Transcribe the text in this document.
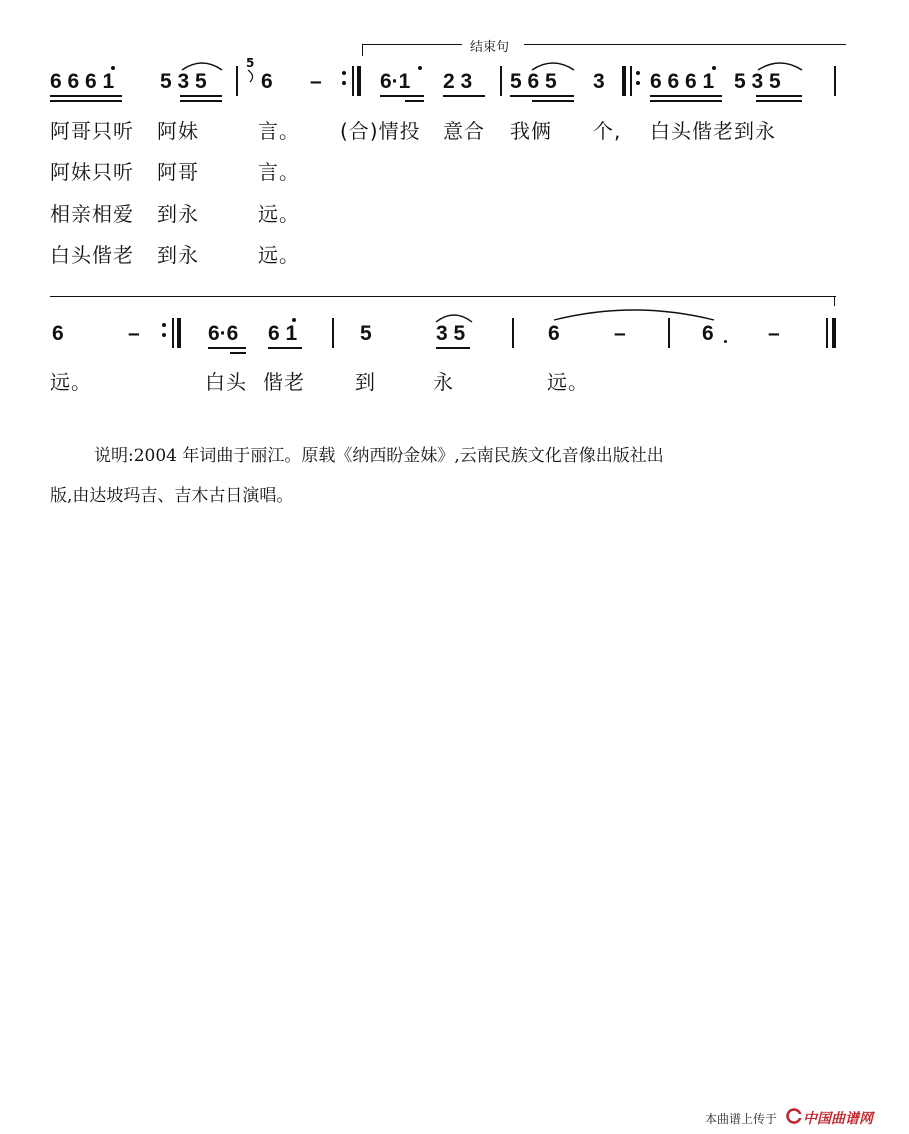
结束句
6 6 6 1 5 3 5
5
6 –	6·1 2 3 5 6 5 3 6 6 6 1 5 3 5
阿哥只听 阿妹	言。 (合)情投 意合 我俩 个, 白头偕老到永
阿妹只听 阿哥	言。
相亲相爱 到永	远。
白头偕老 到永	远。
6	–	6·6 6 1	5	3 5	6	–	6	–
远。	白头 偕老	到	永	远。
说明:2004 年词曲于丽江。原载《纳西盼金妹》,云南民族文化音像出版社出
版,由达坡玛吉、吉木古日演唱。
本曲谱上传于 中国曲谱网
